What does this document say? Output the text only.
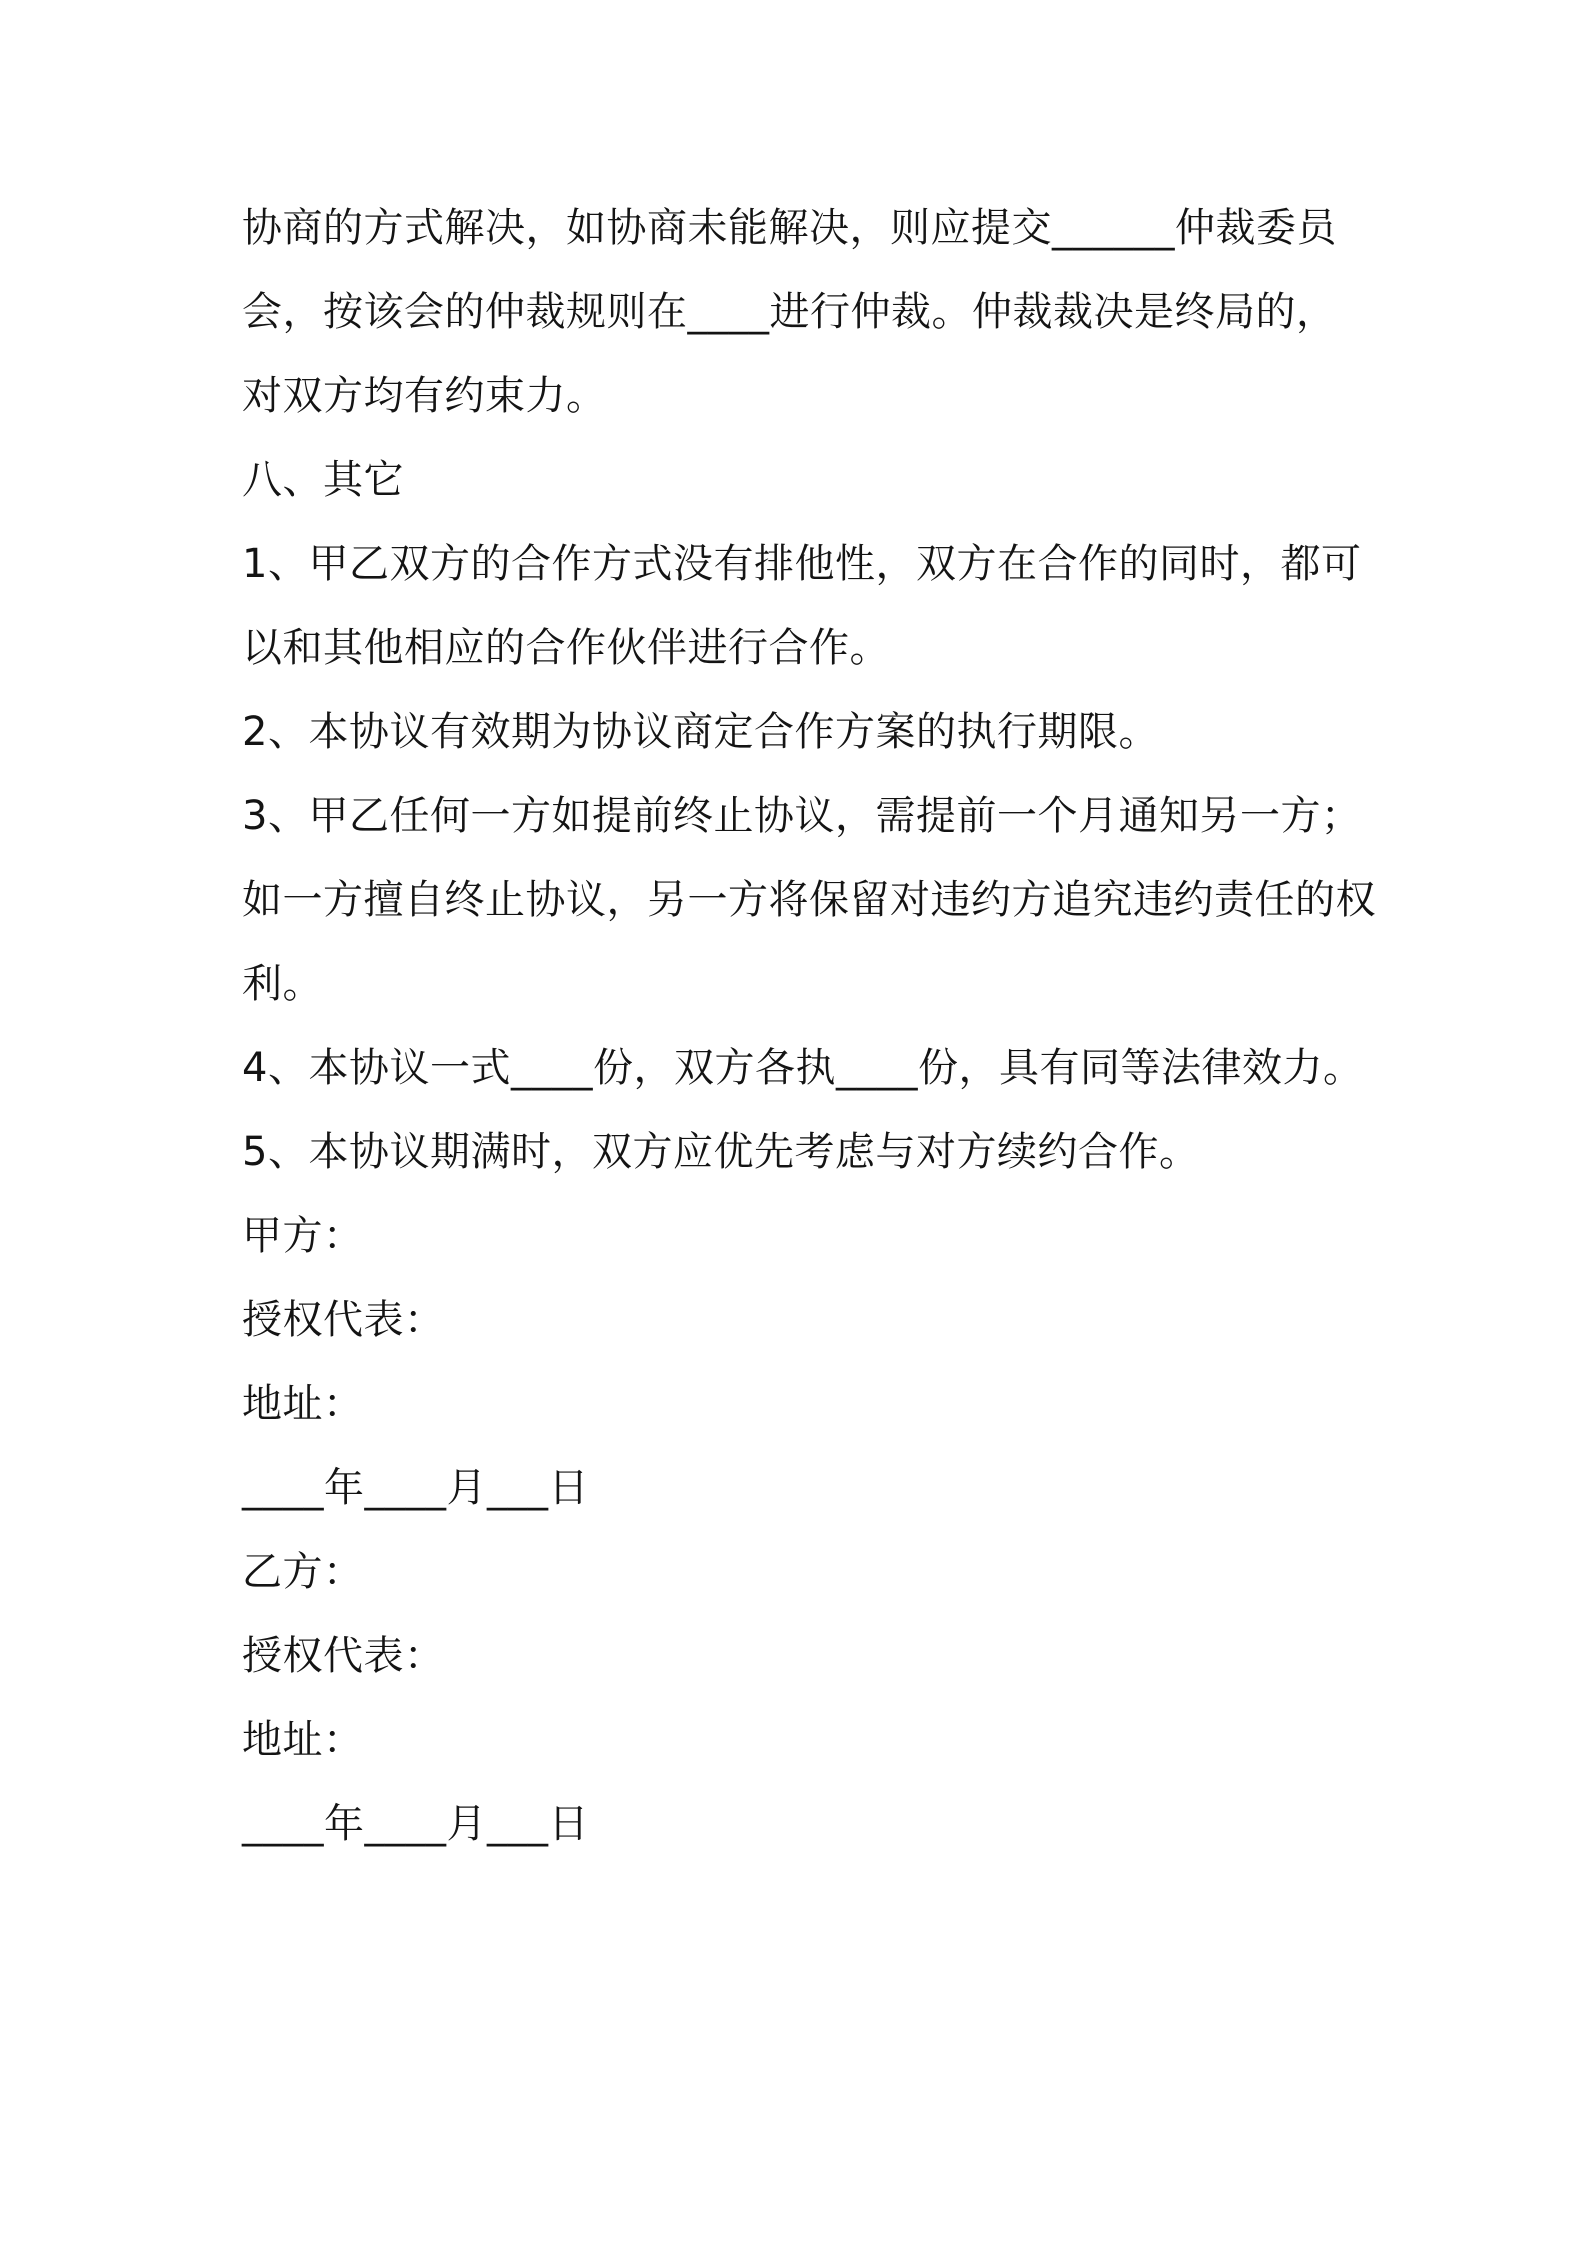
协商的方式解决，如协商未能解决，则应提交______仲裁委员
会，按该会的仲裁规则在____进行仲裁。仲裁裁决是终局的，
对双方均有约束力。
八、其它
1、甲乙双方的合作方式没有排他性，双方在合作的同时，都可
以和其他相应的合作伙伴进行合作。
2、本协议有效期为协议商定合作方案的执行期限。
3、甲乙任何一方如提前终止协议，需提前一个月通知另一方；
如一方擅自终止协议，另一方将保留对违约方追究违约责任的权
利。
4、本协议一式____份，双方各执____份，具有同等法律效力。
5、本协议期满时，双方应优先考虑与对方续约合作。
甲方：
授权代表：
地址：
____年____月___日
乙方：
授权代表：
地址：
____年____月___日
